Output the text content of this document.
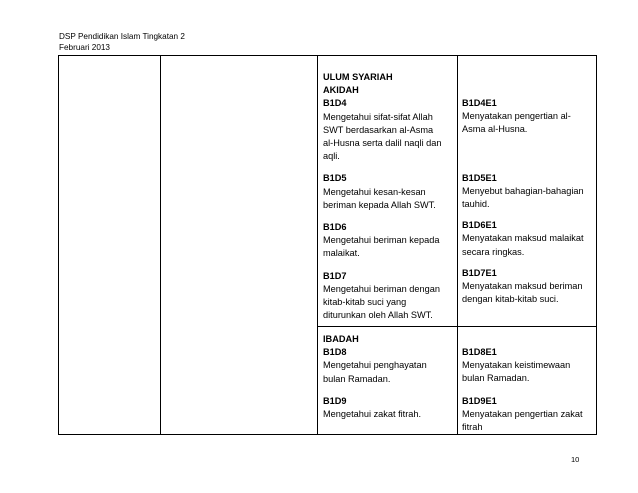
DSP Pendidikan Islam Tingkatan 2
Februari 2013
ULUM SYARIAH
AKIDAH
B1D4
Mengetahui sifat-sifat Allah
SWT berdasarkan al-Asma
al-Husna serta dalil naqli dan
aqli.
B1D5
Mengetahui kesan-kesan
beriman kepada Allah SWT.
B1D6
Mengetahui beriman kepada
malaikat.
B1D7
Mengetahui beriman dengan
kitab-kitab suci yang
diturunkan oleh Allah SWT.
B1D4E1
Menyatakan pengertian al-
Asma al-Husna.
B1D5E1
Menyebut bahagian-bahagian
tauhid.
B1D6E1
Menyatakan maksud malaikat
secara ringkas.
B1D7E1
Menyatakan maksud beriman
dengan kitab-kitab suci.
IBADAH
B1D8
Mengetahui penghayatan
bulan Ramadan.
B1D9
Mengetahui zakat fitrah.
B1D8E1
Menyatakan keistimewaan
bulan Ramadan.
B1D9E1
Menyatakan pengertian zakat
fitrah
10
